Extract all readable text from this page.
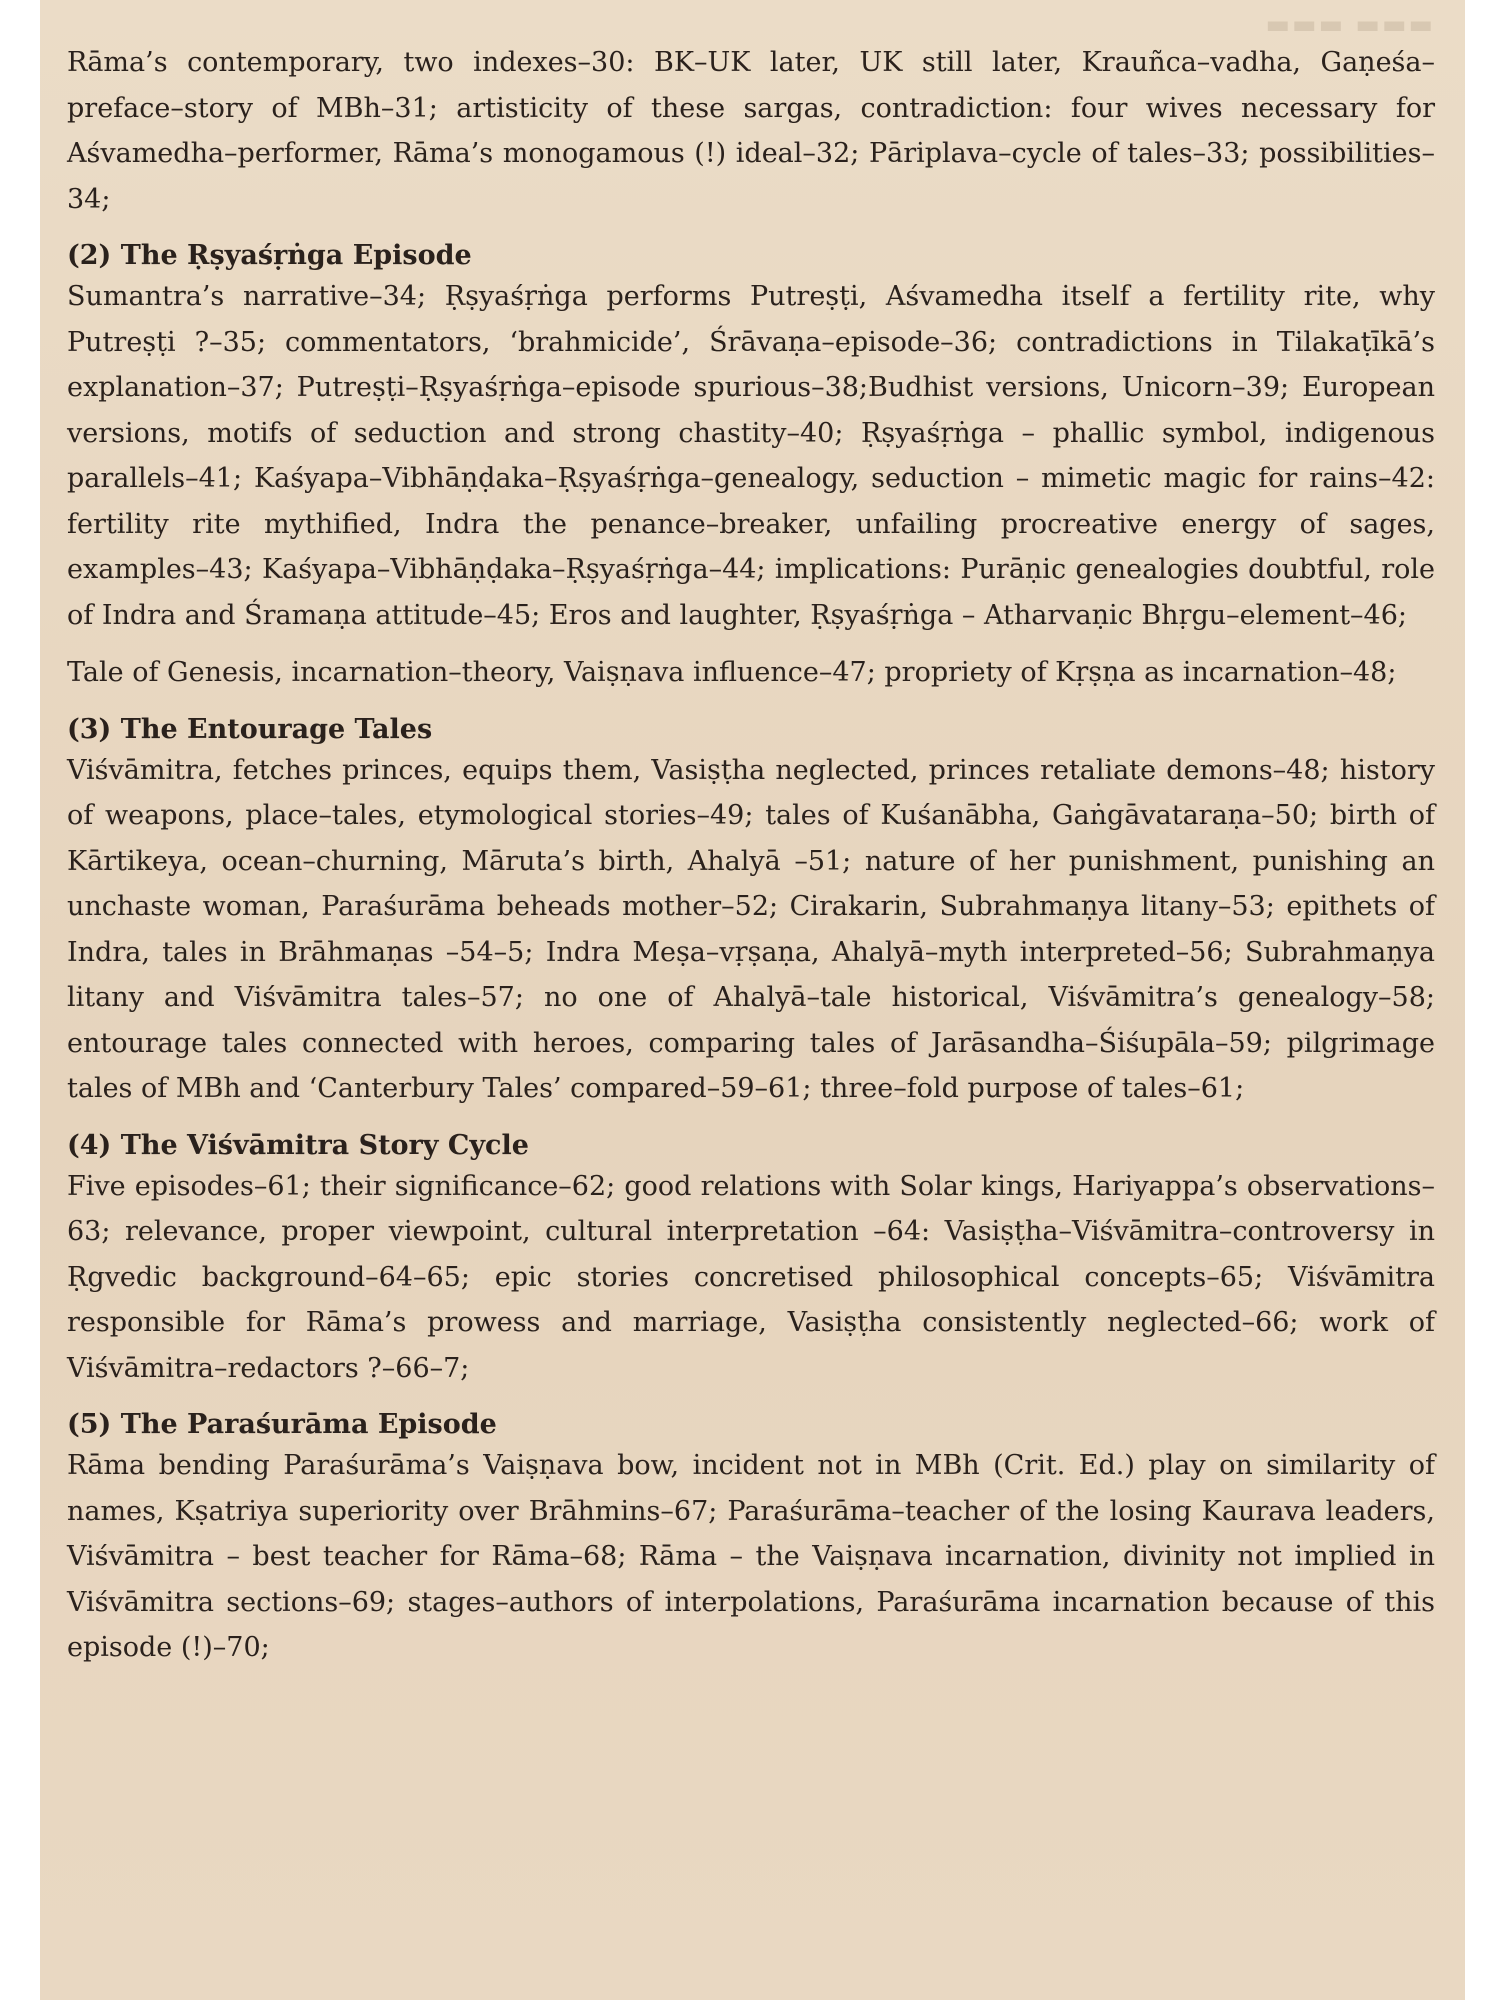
▬▬▬ ▬▬▬

Rāma’s contemporary, two indexes–30: BK–UK later, UK still later, Krauñca–vadha, Gaṇeśa–preface–story of MBh–31; artisticity of these sargas, contradiction: four wives necessary for Aśvamedha–performer, Rāma’s monogamous (!) ideal–32; Pāriplava–cycle of tales–33; possibilities–34;

(2) The Ṛṣyaśṛṅga Episode

Sumantra’s narrative–34; Ṛṣyaśṛṅga performs Putreṣṭi, Aśvamedha itself a fertility rite, why Putreṣṭi ?–35; commentators, ‘brahmicide’, Śrāvaṇa–episode–36; contradictions in Tilakaṭīkā’s explanation–37; Putreṣṭi–Ṛṣyaśṛṅga–episode spurious–38;Budhist versions, Unicorn–39; European versions, motifs of seduction and strong chastity–40; Ṛṣyaśṛṅga – phallic symbol, indigenous parallels–41; Kaśyapa–Vibhāṇḍaka–Ṛṣyaśṛṅga–genealogy, seduction – mimetic magic for rains–42: fertility rite mythified, Indra the penance–breaker, unfailing procreative energy of sages, examples–43; Kaśyapa–Vibhāṇḍaka–Ṛṣyaśṛṅga–44; implications: Purāṇic genealogies doubtful, role of Indra and Śramaṇa attitude–45; Eros and laughter, Ṛṣyaśṛṅga – Atharvaṇic Bhṛgu–element–46;

Tale of Genesis, incarnation–theory, Vaiṣṇava influence–47; propriety of Kṛṣṇa as incarnation–48;

(3) The Entourage Tales

Viśvāmitra, fetches princes, equips them, Vasiṣṭha neglected, princes retaliate demons–48; history of weapons, place–tales, etymological stories–49; tales of Kuśanābha, Gaṅgāvataraṇa–50; birth of Kārtikeya, ocean–churning, Māruta’s birth, Ahalyā –51; nature of her punishment, punishing an unchaste woman, Paraśurāma beheads mother–52; Cirakarin, Subrahmaṇya litany–53; epithets of Indra, tales in Brāhmaṇas –54–5; Indra Meṣa–vṛṣaṇa, Ahalyā–myth interpreted–56; Subrahmaṇya litany and Viśvāmitra tales–57; no one of Ahalyā–tale historical, Viśvāmitra’s genealogy–58; entourage tales connected with heroes, comparing tales of Jarāsandha–Śiśupāla–59; pilgrimage tales of MBh and ‘Canterbury Tales’ compared–59–61; three–fold purpose of tales–61;

(4) The Viśvāmitra Story Cycle

Five episodes–61; their significance–62; good relations with Solar kings, Hariyappa’s observations–63; relevance, proper viewpoint, cultural interpretation –64: Vasiṣṭha–Viśvāmitra–controversy in Ṛgvedic background–64–65; epic stories concretised philosophical concepts–65; Viśvāmitra responsible for Rāma’s prowess and marriage, Vasiṣṭha consistently neglected–66; work of Viśvāmitra–redactors ?–66–7;

(5) The Paraśurāma Episode

Rāma bending Paraśurāma’s Vaiṣṇava bow, incident not in MBh (Crit. Ed.) play on similarity of names, Kṣatriya superiority over Brāhmins–67; Paraśurāma–teacher of the losing Kaurava leaders, Viśvāmitra – best teacher for Rāma–68; Rāma – the Vaiṣṇava incarnation, divinity not implied in Viśvāmitra sections–69; stages–authors of interpolations, Paraśurāma incarnation because of this episode (!)–70;
